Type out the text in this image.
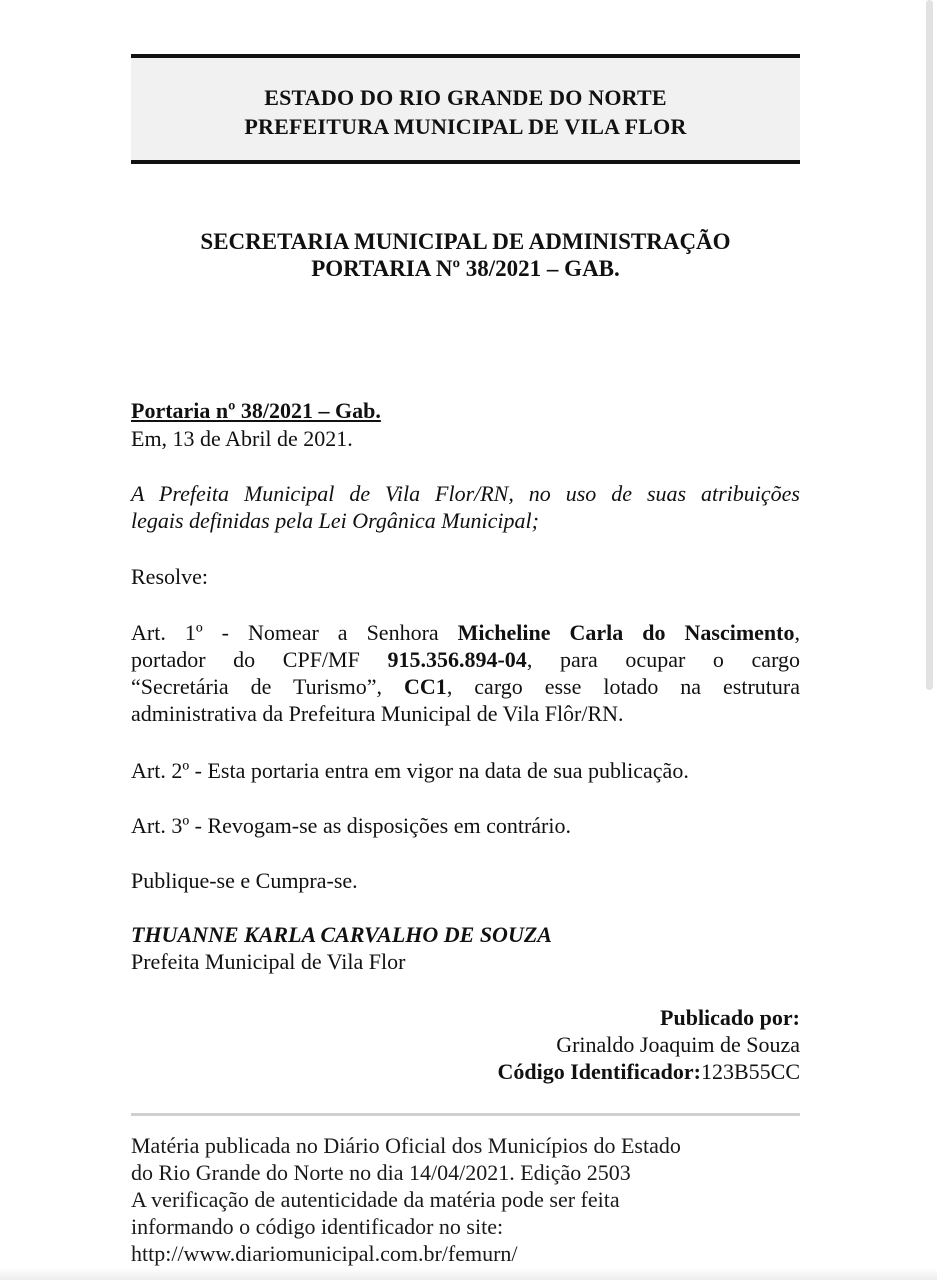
ESTADO DO RIO GRANDE DO NORTE
PREFEITURA MUNICIPAL DE VILA FLOR
SECRETARIA MUNICIPAL DE ADMINISTRAÇÃO
PORTARIA Nº 38/2021 – GAB.
Portaria nº 38/2021 – Gab.
Em, 13 de Abril de 2021.
A Prefeita Municipal de Vila Flor/RN, no uso de suas atribuições
legais definidas pela Lei Orgânica Municipal;
Resolve:
Art. 1º - Nomear a Senhora Micheline Carla do Nascimento,
portador do CPF/MF 915.356.894-04, para ocupar o cargo
“Secretária de Turismo”, CC1, cargo esse lotado na estrutura
administrativa da Prefeitura Municipal de Vila Flôr/RN.
Art. 2º - Esta portaria entra em vigor na data de sua publicação.
Art. 3º - Revogam-se as disposições em contrário.
Publique-se e Cumpra-se.
THUANNE KARLA CARVALHO DE SOUZA
Prefeita Municipal de Vila Flor
Publicado por:
Grinaldo Joaquim de Souza
Código Identificador:123B55CC
Matéria publicada no Diário Oficial dos Municípios do Estado
do Rio Grande do Norte no dia 14/04/2021. Edição 2503
A verificação de autenticidade da matéria pode ser feita
informando o código identificador no site:
http://www.diariomunicipal.com.br/femurn/
